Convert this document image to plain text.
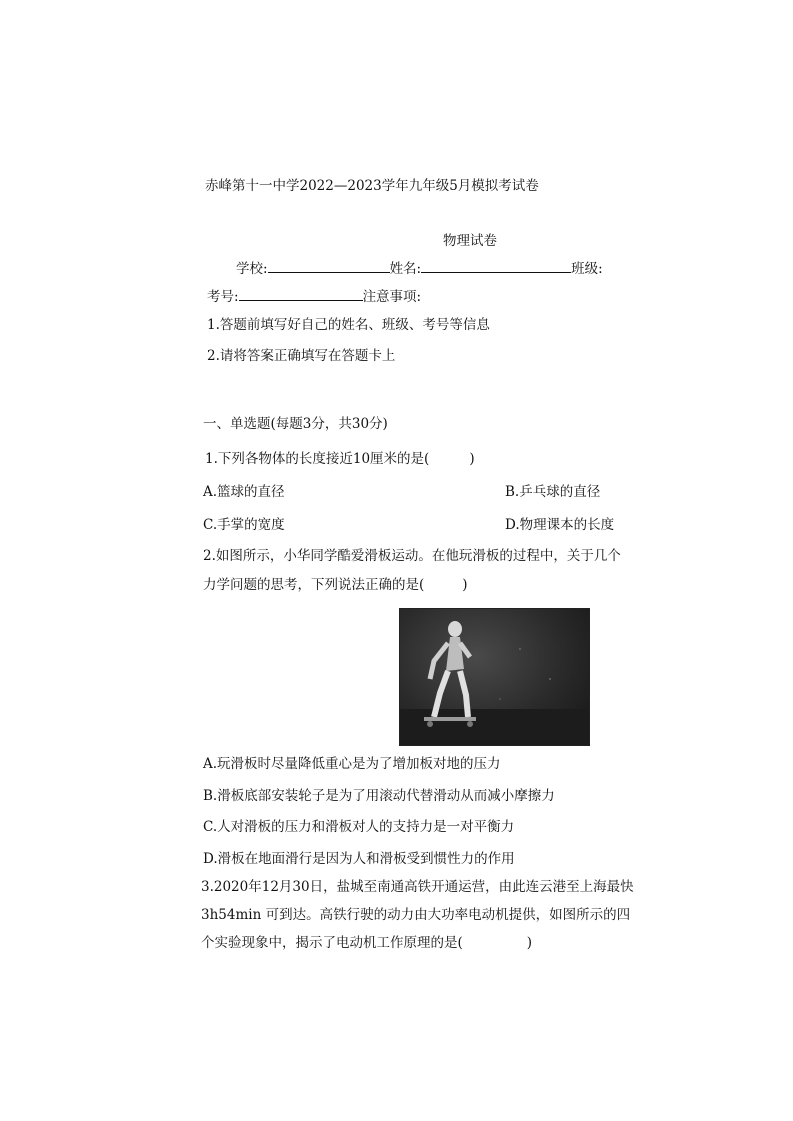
赤峰第十一中学2022—2023学年九年级5月模拟考试卷
物理试卷
学校:	姓名:	班级:
考号:	注意事项:
1.答题前填写好自己的姓名、班级、考号等信息
2.请将答案正确填写在答题卡上
一、单选题(每题3分，共30分)
1.下列各物体的长度接近10厘米的是(	)
A.篮球的直径	B.乒乓球的直径
C.手掌的宽度	D.物理课本的长度
2.如图所示，小华同学酷爱滑板运动。在他玩滑板的过程中，关于几个
力学问题的思考，下列说法正确的是(	)
A.玩滑板时尽量降低重心是为了增加板对地的压力
B.滑板底部安装轮子是为了用滚动代替滑动从而减小摩擦力
C.人对滑板的压力和滑板对人的支持力是一对平衡力
D.滑板在地面滑行是因为人和滑板受到惯性力的作用
3.2020年12月30日，盐城至南通高铁开通运营，由此连云港至上海最快
3h54min 可到达。高铁行驶的动力由大功率电动机提供，如图所示的四
个实验现象中，揭示了电动机工作原理的是(	)
